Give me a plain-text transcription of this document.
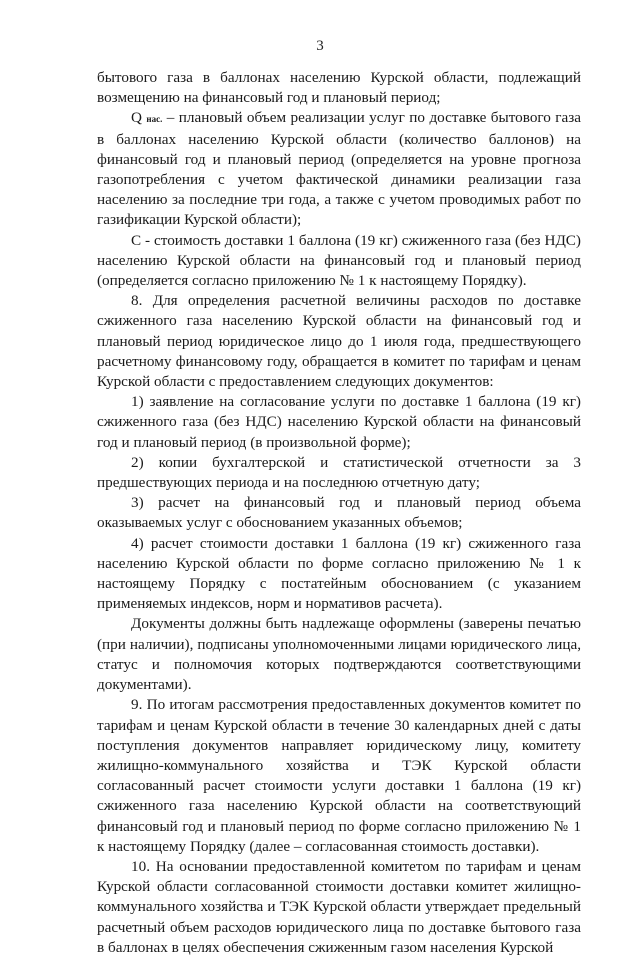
3

бытового газа в баллонах населению Курской области, подлежащий возмещению на финансовый год и плановый период;

Q нас. – плановый объем реализации услуг по доставке бытового газа в баллонах населению Курской области (количество баллонов) на финансовый год и плановый период (определяется на уровне прогноза газопотребления с учетом фактической динамики реализации газа населению за последние три года, а также с учетом проводимых работ по газификации Курской области);

С - стоимость доставки 1 баллона (19 кг) сжиженного газа (без НДС) населению Курской области на финансовый год и плановый период (определяется согласно приложению № 1 к настоящему Порядку).

8. Для определения расчетной величины расходов по доставке сжиженного газа населению Курской области на финансовый год и плановый период юридическое лицо до 1 июля года, предшествующего расчетному финансовому году, обращается в комитет по тарифам и ценам Курской области с предоставлением следующих документов:

1) заявление на согласование услуги по доставке 1 баллона (19 кг) сжиженного газа (без НДС) населению Курской области на финансовый год и плановый период (в произвольной форме);

2) копии бухгалтерской и статистической отчетности за 3 предшествующих периода и на последнюю отчетную дату;

3) расчет на финансовый год и плановый период объема оказываемых услуг с обоснованием указанных объемов;

4) расчет стоимости доставки 1 баллона (19 кг) сжиженного газа населению Курской области по форме согласно приложению № 1 к настоящему Порядку с постатейным обоснованием (с указанием применяемых индексов, норм и нормативов расчета).

Документы должны быть надлежаще оформлены (заверены печатью (при наличии), подписаны уполномоченными лицами юридического лица, статус и полномочия которых подтверждаются соответствующими документами).

9. По итогам рассмотрения предоставленных документов комитет по тарифам и ценам Курской области в течение 30 календарных дней с даты поступления документов направляет юридическому лицу, комитету жилищно-коммунального хозяйства и ТЭК Курской области согласованный расчет стоимости услуги доставки 1 баллона (19 кг) сжиженного газа населению Курской области на соответствующий финансовый год и плановый период по форме согласно приложению № 1 к настоящему Порядку (далее – согласованная стоимость доставки).

10. На основании предоставленной комитетом по тарифам и ценам Курской области согласованной стоимости доставки комитет жилищно-коммунального хозяйства и ТЭК Курской области утверждает предельный расчетный объем расходов юридического лица по доставке бытового газа в баллонах в целях обеспечения сжиженным газом населения Курской
